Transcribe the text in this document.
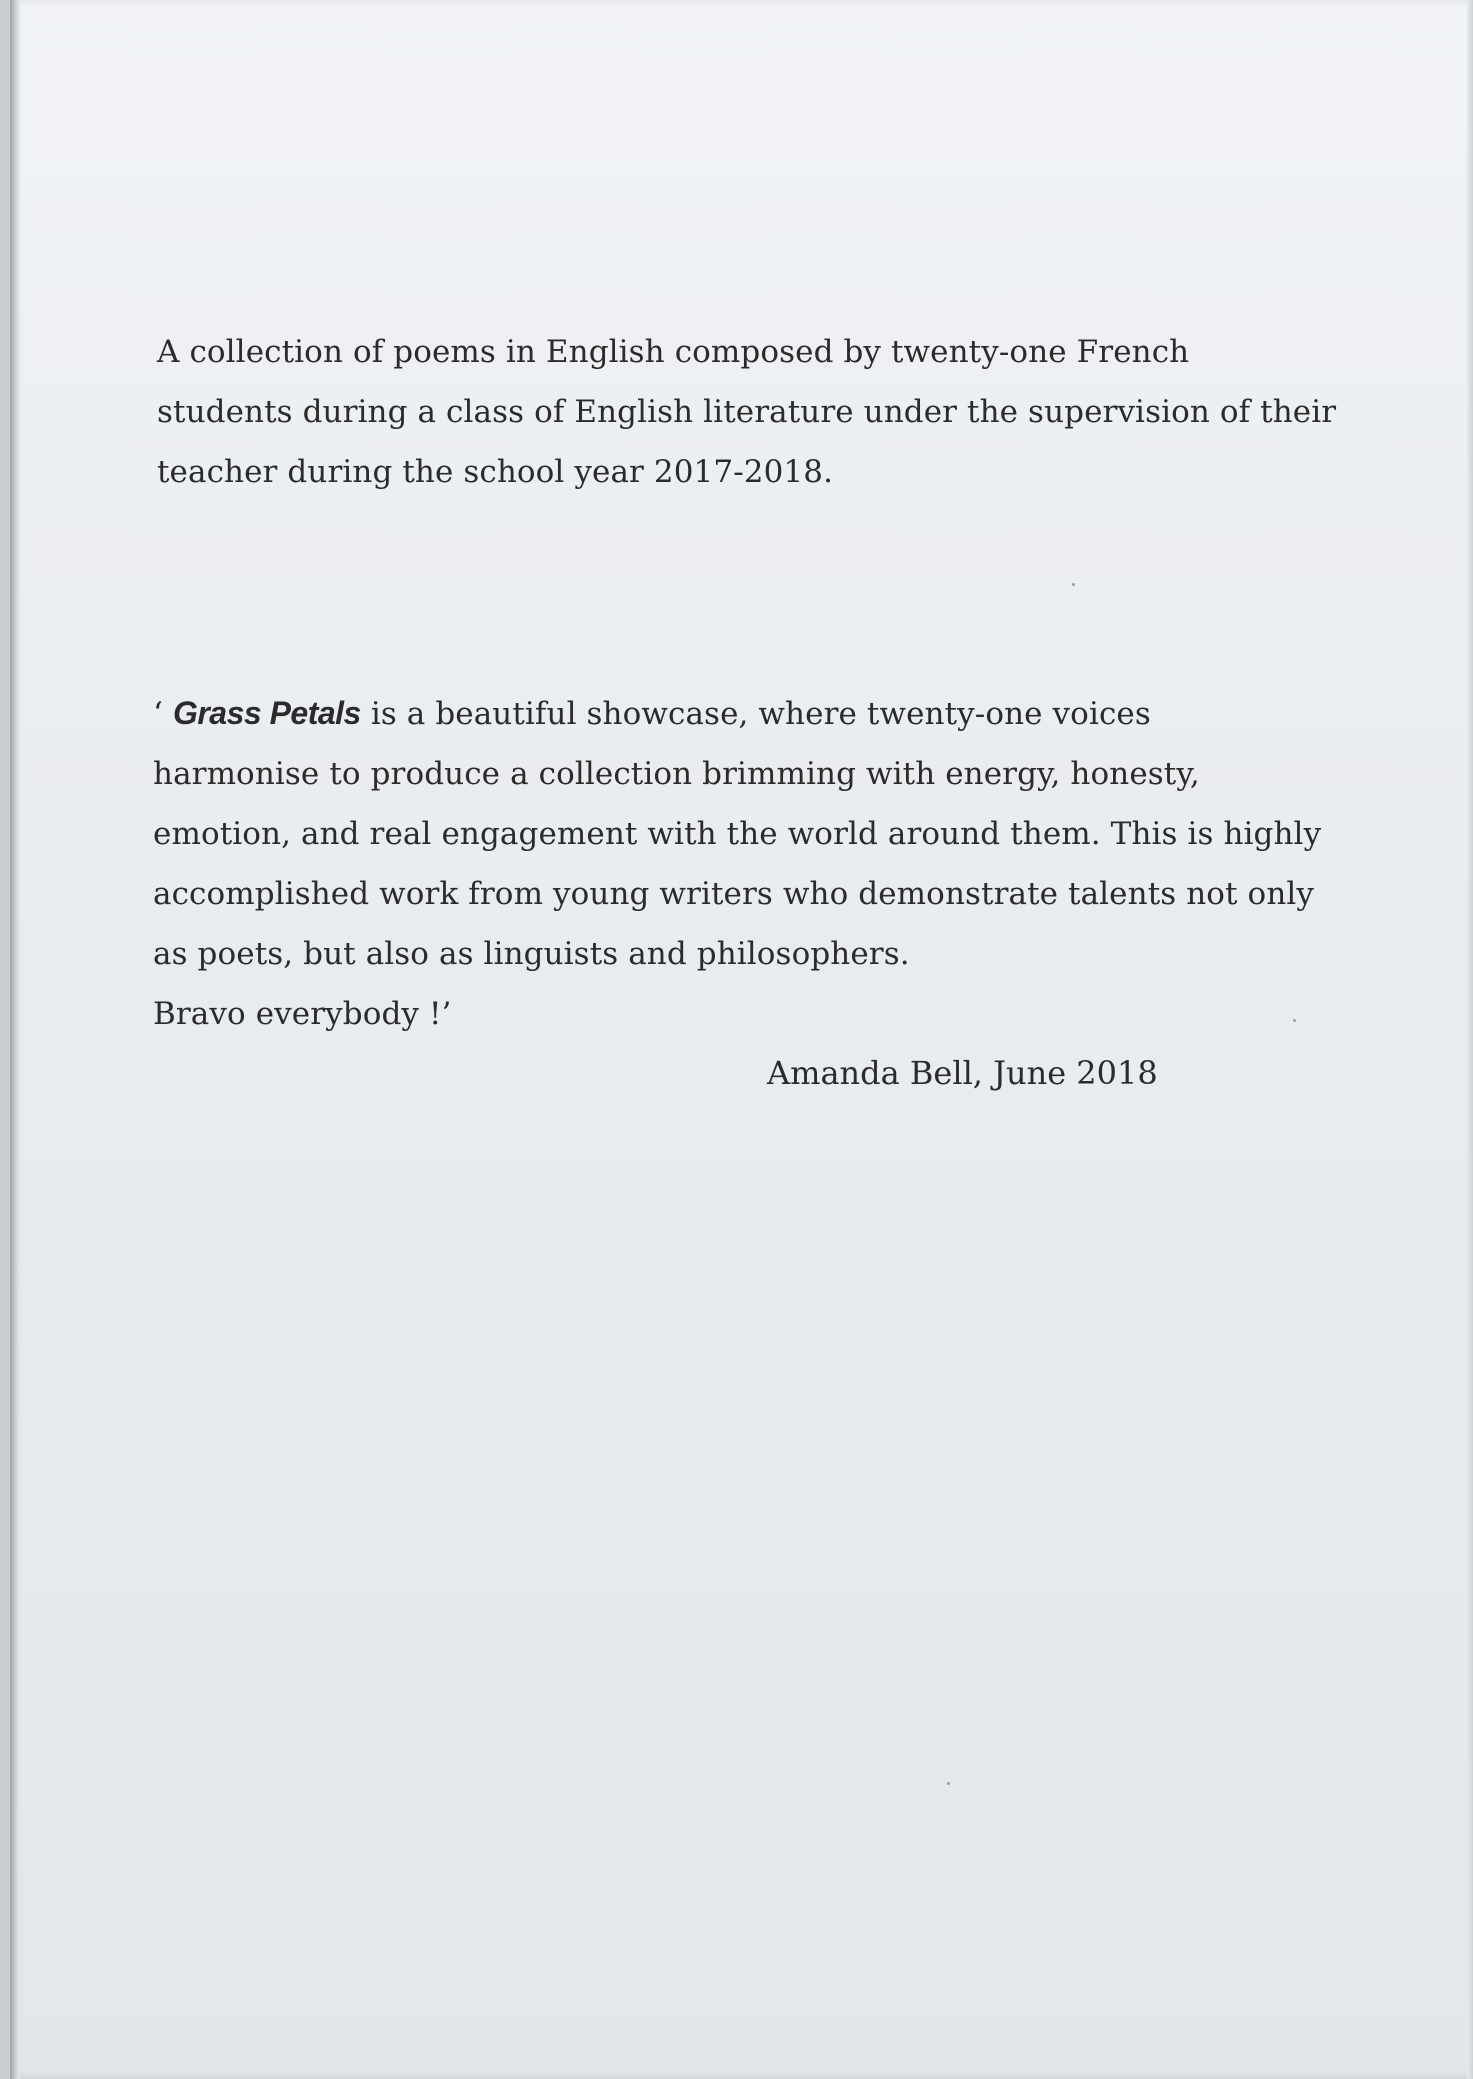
A collection of poems in English composed by twenty-one French
students during a class of English literature under the supervision of their
teacher during the school year 2017-2018.

‘ Grass Petals is a beautiful showcase, where twenty-one voices
harmonise to produce a collection brimming with energy, honesty,
emotion, and real engagement with the world around them. This is highly
accomplished work from young writers who demonstrate talents not only
as poets, but also as linguists and philosophers.
Bravo everybody !’

Amanda Bell, June 2018
